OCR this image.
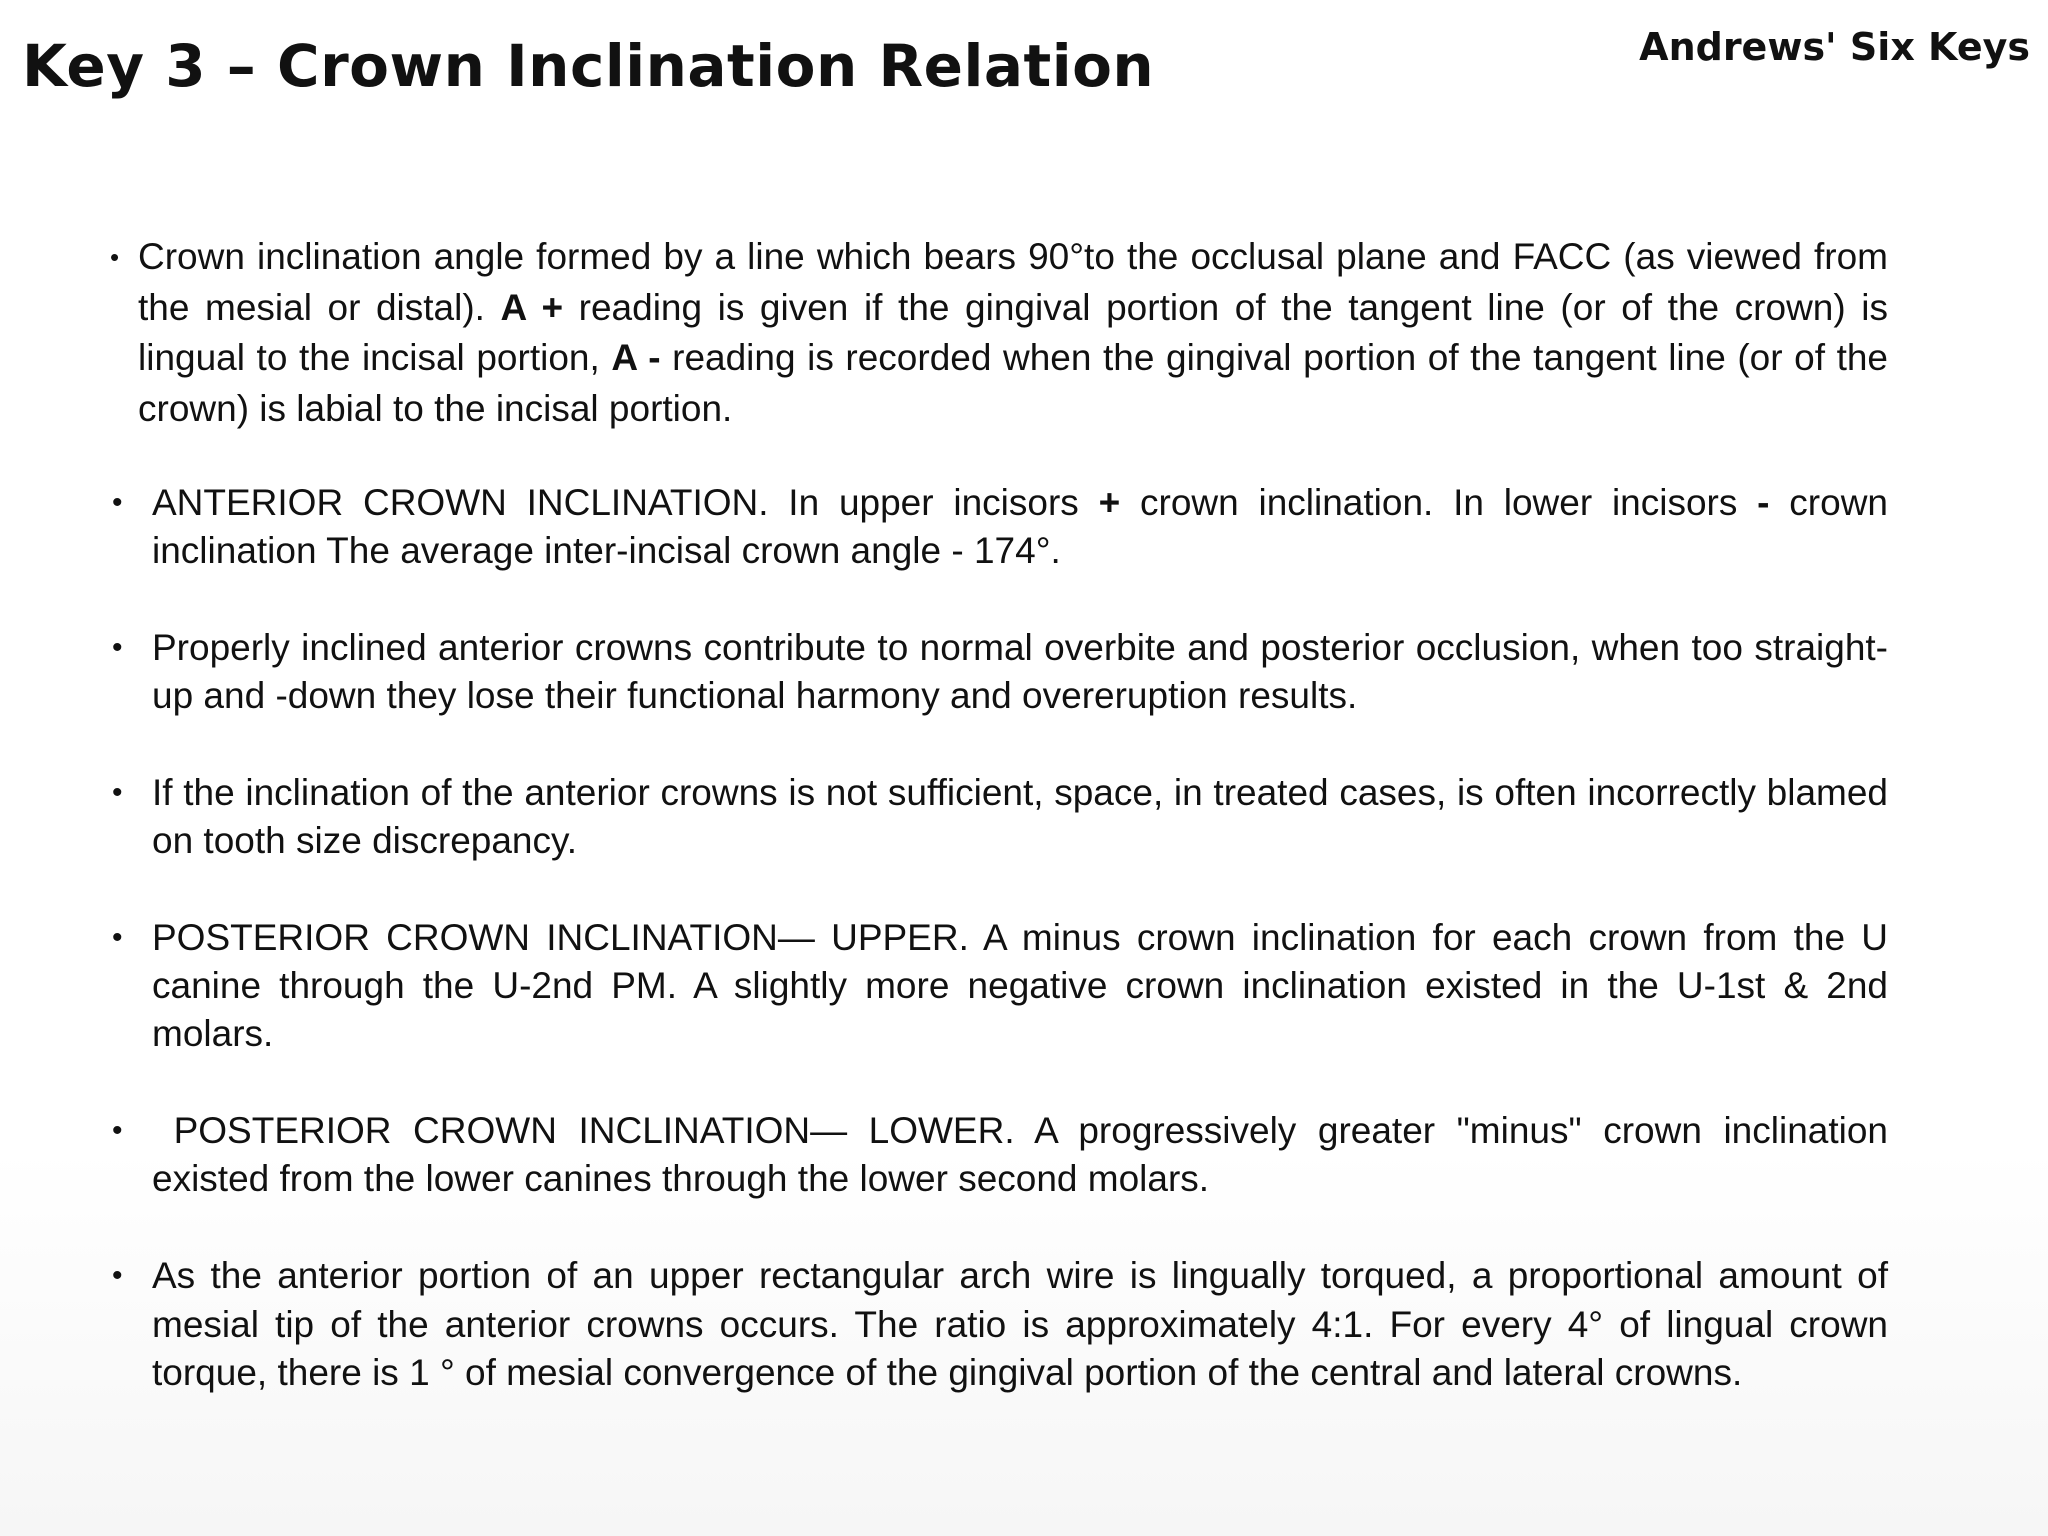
Key 3 – Crown Inclination Relation	Andrews' Six Keys
• Crown inclination angle formed by a line which bears 90°to the occlusal plane and FACC (as viewed from the mesial or distal). A + reading is given if the gingival portion of the tangent line (or of the crown) is lingual to the incisal portion, A - reading is recorded when the gingival portion of the tangent line (or of the crown) is labial to the incisal portion.
• ANTERIOR CROWN INCLINATION. In upper incisors + crown inclination. In lower incisors - crown inclination The average inter-incisal crown angle - 174°.
• Properly inclined anterior crowns contribute to normal overbite and posterior occlusion, when too straight-up and -down they lose their functional harmony and overeruption results.
• If the inclination of the anterior crowns is not sufficient, space, in treated cases, is often incorrectly blamed on tooth size discrepancy.
• POSTERIOR CROWN INCLINATION— UPPER. A minus crown inclination for each crown from the U canine through the U-2nd PM. A slightly more negative crown inclination existed in the U-1st & 2nd molars.
• POSTERIOR CROWN INCLINATION— LOWER. A progressively greater "minus" crown inclination existed from the lower canines through the lower second molars.
• As the anterior portion of an upper rectangular arch wire is lingually torqued, a proportional amount of mesial tip of the anterior crowns occurs. The ratio is approximately 4:1. For every 4° of lingual crown torque, there is 1 ° of mesial convergence of the gingival portion of the central and lateral crowns.
